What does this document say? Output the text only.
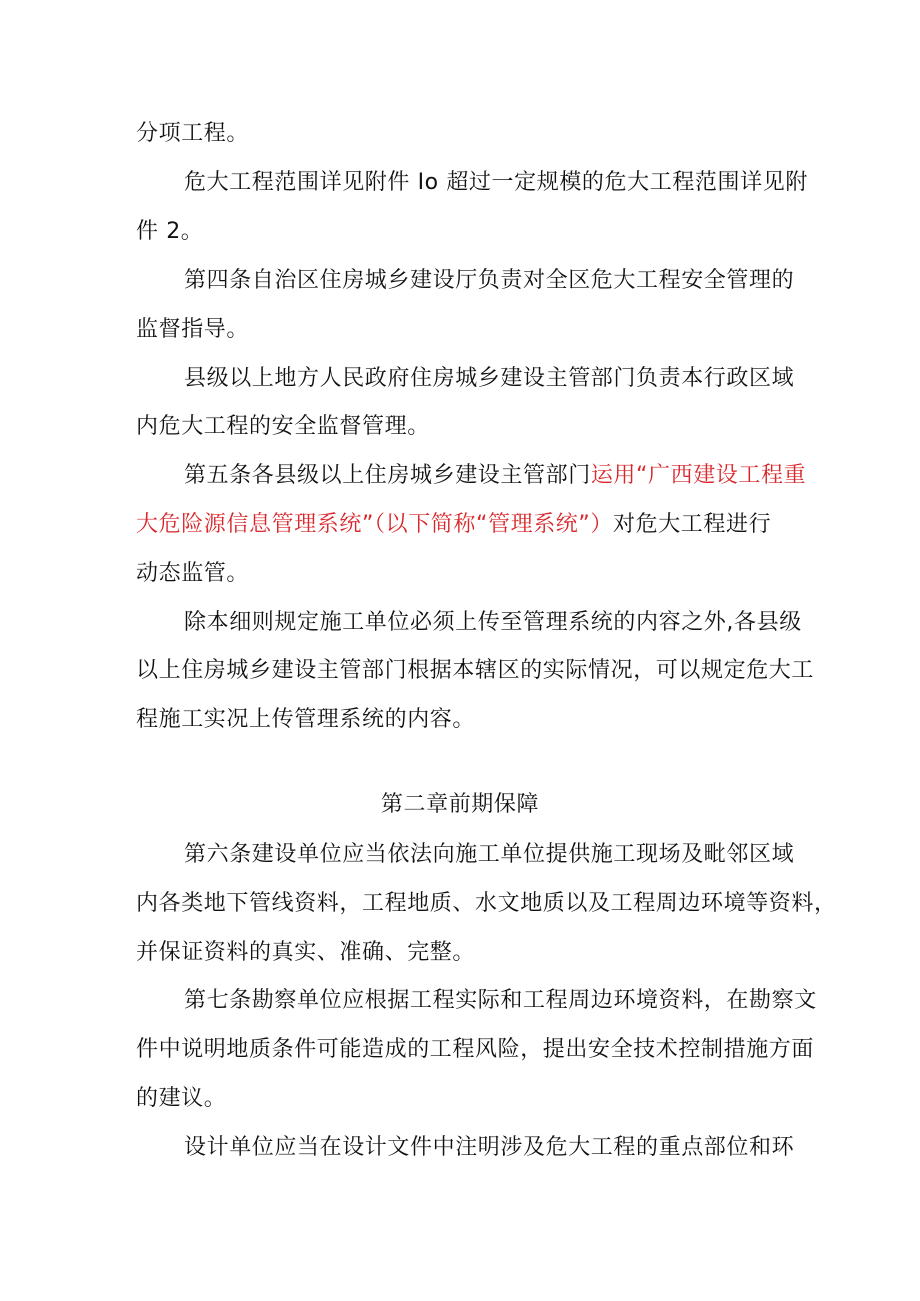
分项工程。
危大工程范围详见附件 Io 超过一定规模的危大工程范围详见附
件 2。
第四条自治区住房城乡建设厅负责对全区危大工程安全管理的
监督指导。
县级以上地方人民政府住房城乡建设主管部门负责本行政区域
内危大工程的安全监督管理。
第五条各县级以上住房城乡建设主管部门运用“广西建设工程重
大危险源信息管理系统”（以下简称“管理系统”）对危大工程进行
动态监管。
除本细则规定施工单位必须上传至管理系统的内容之外,各县级
以上住房城乡建设主管部门根据本辖区的实际情况，可以规定危大工
程施工实况上传管理系统的内容。
第二章前期保障
第六条建设单位应当依法向施工单位提供施工现场及毗邻区域
内各类地下管线资料，工程地质、水文地质以及工程周边环境等资料，
并保证资料的真实、准确、完整。
第七条勘察单位应根据工程实际和工程周边环境资料，在勘察文
件中说明地质条件可能造成的工程风险，提出安全技术控制措施方面
的建议。
设计单位应当在设计文件中注明涉及危大工程的重点部位和环
